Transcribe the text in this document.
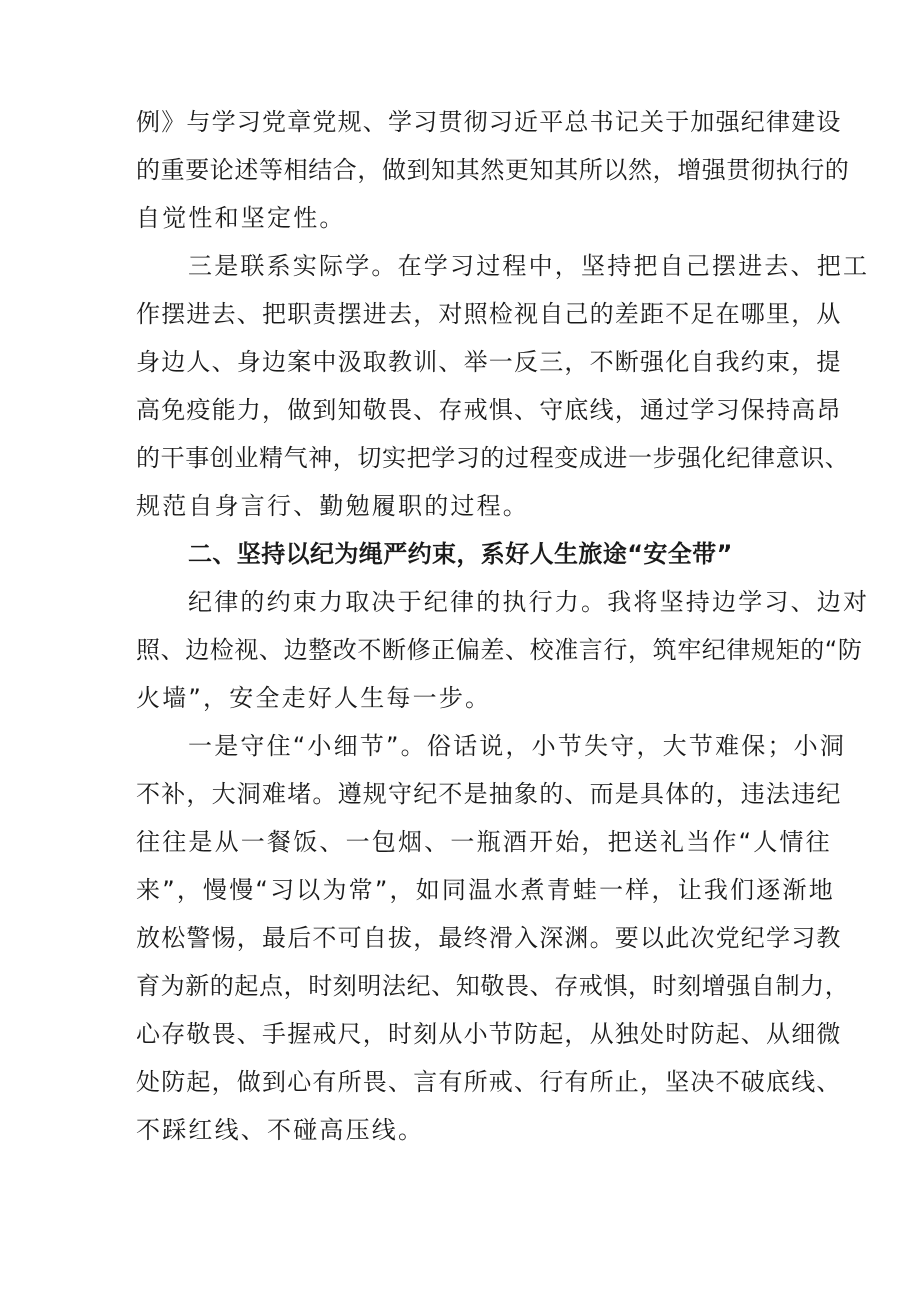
例》与学习党章党规、学习贯彻习近平总书记关于加强纪律建设
的重要论述等相结合，做到知其然更知其所以然，增强贯彻执行的
自觉性和坚定性。
三是联系实际学。在学习过程中，坚持把自己摆进去、把工
作摆进去、把职责摆进去，对照检视自己的差距不足在哪里，从
身边人、身边案中汲取教训、举一反三，不断强化自我约束，提
高免疫能力，做到知敬畏、存戒惧、守底线，通过学习保持高昂
的干事创业精气神，切实把学习的过程变成进一步强化纪律意识、
规范自身言行、勤勉履职的过程。
二、坚持以纪为绳严约束，系好人生旅途“安全带”
纪律的约束力取决于纪律的执行力。我将坚持边学习、边对
照、边检视、边整改不断修正偏差、校准言行，筑牢纪律规矩的“防
火墙”，安全走好人生每一步。
一是守住“小细节”。俗话说，小节失守，大节难保；小洞
不补，大洞难堵。遵规守纪不是抽象的、而是具体的，违法违纪
往往是从一餐饭、一包烟、一瓶酒开始，把送礼当作“人情往
来”，慢慢“习以为常”，如同温水煮青蛙一样，让我们逐渐地
放松警惕，最后不可自拔，最终滑入深渊。要以此次党纪学习教
育为新的起点，时刻明法纪、知敬畏、存戒惧，时刻增强自制力，
心存敬畏、手握戒尺，时刻从小节防起，从独处时防起、从细微
处防起，做到心有所畏、言有所戒、行有所止，坚决不破底线、
不踩红线、不碰高压线。
